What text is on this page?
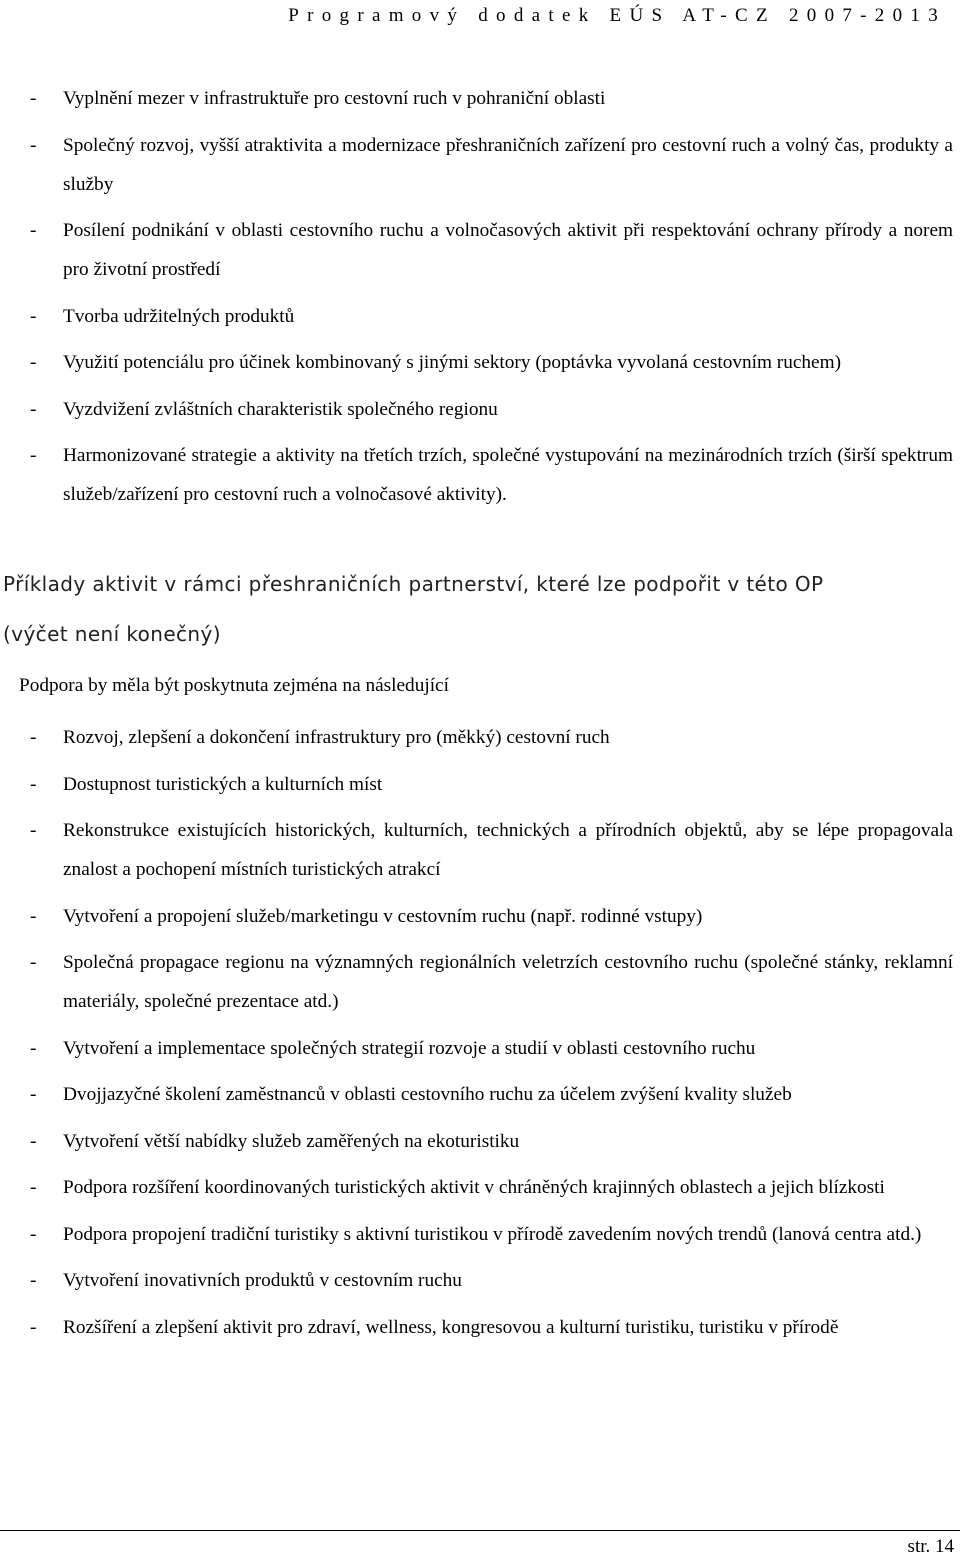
Programový dodatek EÚS AT-CZ 2007-2013
- Vyplnění mezer v infrastruktuře pro cestovní ruch v pohraniční oblasti
- Společný rozvoj, vyšší atraktivita a modernizace přeshraničních zařízení pro cestovní ruch a volný čas, produkty a služby
- Posílení podnikání v oblasti cestovního ruchu a volnočasových aktivit při respektování ochrany přírody a norem pro životní prostředí
- Tvorba udržitelných produktů
- Využití potenciálu pro účinek kombinovaný s jinými sektory (poptávka vyvolaná cestovním ruchem)
- Vyzdvižení zvláštních charakteristik společného regionu
- Harmonizované strategie a aktivity na třetích trzích, společné vystupování na mezinárodních trzích (širší spektrum služeb/zařízení pro cestovní ruch a volnočasové aktivity).
Příklady aktivit v rámci přeshraničních partnerství, které lze podpořit v této OP
(výčet není konečný)
Podpora by měla být poskytnuta zejména na následující
- Rozvoj, zlepšení a dokončení infrastruktury pro (měkký) cestovní ruch
- Dostupnost turistických a kulturních míst
- Rekonstrukce existujících historických, kulturních, technických a přírodních objektů, aby se lépe propagovala znalost a pochopení místních turistických atrakcí
- Vytvoření a propojení služeb/marketingu v cestovním ruchu (např. rodinné vstupy)
- Společná propagace regionu na významných regionálních veletrzích cestovního ruchu (společné stánky, reklamní materiály, společné prezentace atd.)
- Vytvoření a implementace společných strategií rozvoje a studií v oblasti cestovního ruchu
- Dvojjazyčné školení zaměstnanců v oblasti cestovního ruchu za účelem zvýšení kvality služeb
- Vytvoření větší nabídky služeb zaměřených na ekoturistiku
- Podpora rozšíření koordinovaných turistických aktivit v chráněných krajinných oblastech a jejich blízkosti
- Podpora propojení tradiční turistiky s aktivní turistikou v přírodě zavedením nových trendů (lanová centra atd.)
- Vytvoření inovativních produktů v cestovním ruchu
- Rozšíření a zlepšení aktivit pro zdraví, wellness, kongresovou a kulturní turistiku, turistiku v přírodě
str. 14
